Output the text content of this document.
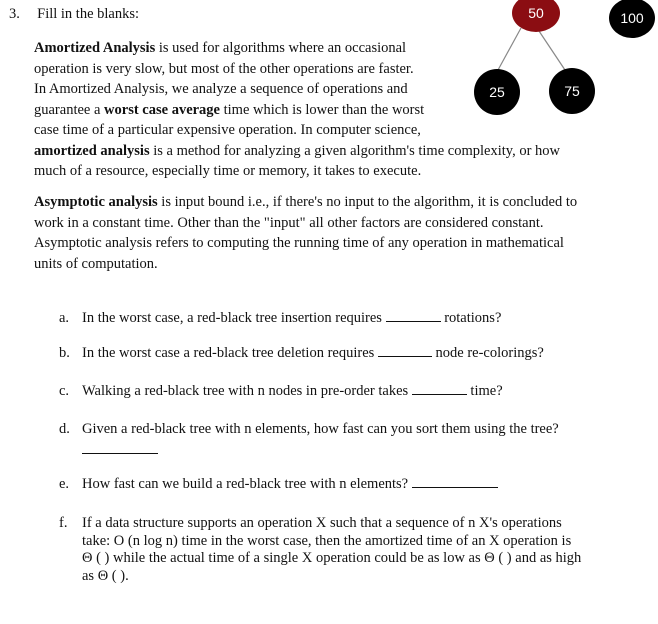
3. Fill in the blanks:	50	100
25	75
Amortized Analysis is used for algorithms where an occasional
operation is very slow, but most of the other operations are faster.
In Amortized Analysis, we analyze a sequence of operations and
guarantee a worst case average time which is lower than the worst
case time of a particular expensive operation. In computer science,
amortized analysis is a method for analyzing a given algorithm's time complexity, or how
much of a resource, especially time or memory, it takes to execute.
Asymptotic analysis is input bound i.e., if there's no input to the algorithm, it is concluded to
work in a constant time. Other than the "input" all other factors are considered constant.
Asymptotic analysis refers to computing the running time of any operation in mathematical
units of computation.
a. In the worst case, a red-black tree insertion requires	rotations?
b. In the worst case a red-black tree deletion requires	node re-colorings?
c. Walking a red-black tree with n nodes in pre-order takes	time?
d. Given a red-black tree with n elements, how fast can you sort them using the tree?
e. How fast can we build a red-black tree with n elements?
f. If a data structure supports an operation X such that a sequence of n X's operations
take: O (n log n) time in the worst case, then the amortized time of an X operation is
Θ ( ) while the actual time of a single X operation could be as low as Θ ( ) and as high
as Θ ( ).
